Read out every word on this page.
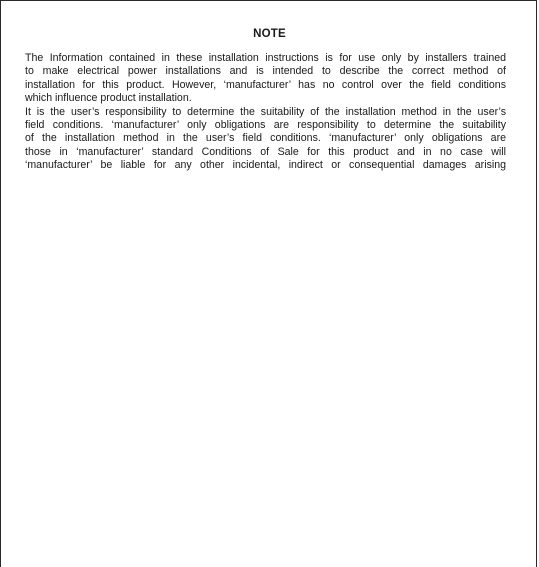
NOTE

The Information contained in these installation instructions is for use only by installers trained
to make electrical power installations and is intended to describe the correct method of
installation for this product. However, ‘manufacturer’ has no control over the field conditions
which influence product installation.

It is the user’s responsibility to determine the suitability of the installation method in the user’s
field conditions. ‘manufacturer’ only obligations are responsibility to determine the suitability
of the installation method in the user’s field conditions. ‘manufacturer’ only obligations are
those in ‘manufacturer’ standard Conditions of Sale for this product and in no case will
‘manufacturer’ be liable for any other incidental, indirect or consequential damages arising
